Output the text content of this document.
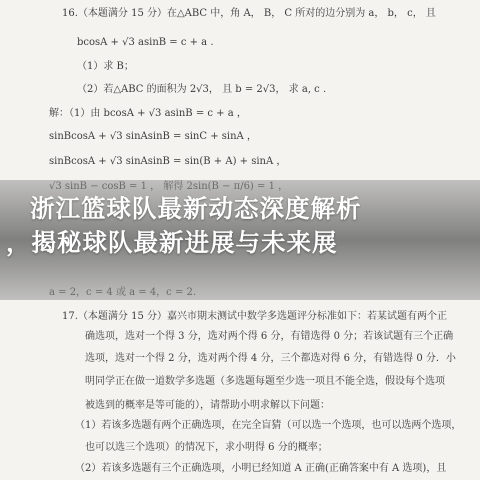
16.（本题满分 15 分）在△ABC 中，角 A， B， C 所对的边分别为 a， b， c， 且
bcosA + √3 asinB = c + a .
（1）求 B；
（2）若△ABC 的面积为 2√3， 且 b = 2√3， 求 a, c .
解：（1）由 bcosA + √3 asinB = c + a ，
sinBcosA + √3 sinAsinB = sinC + sinA ，
sinBcosA + √3 sinAsinB = sin(B + A) + sinA ，
17.（本题满分 15 分）嘉兴市期末测试中数学多选题评分标准如下：若某试题有两个正
确选项，选对一个得 3 分，选对两个得 6 分，有错选得 0 分；若该试题有三个正确
选项，选对一个得 2 分，选对两个得 4 分，三个都选对得 6 分，有错选得 0 分．小
明同学正在做一道数学多选题（多选题每题至少选一项且不能全选，假设每个选项
被选到的概率是等可能的），请帮助小明求解以下问题：
（1）若该多选题有两个正确选项，在完全盲猜（可以选一个选项，也可以选两个选项，
也可以选三个选项）的情况下，求小明得 6 分的概率；
（2）若该多选题有三个正确选项，小明已经知道 A 正确(正确答案中有 A 选项)，且
浙江篮球队最新动态深度解析
，揭秘球队最新进展与未来展
